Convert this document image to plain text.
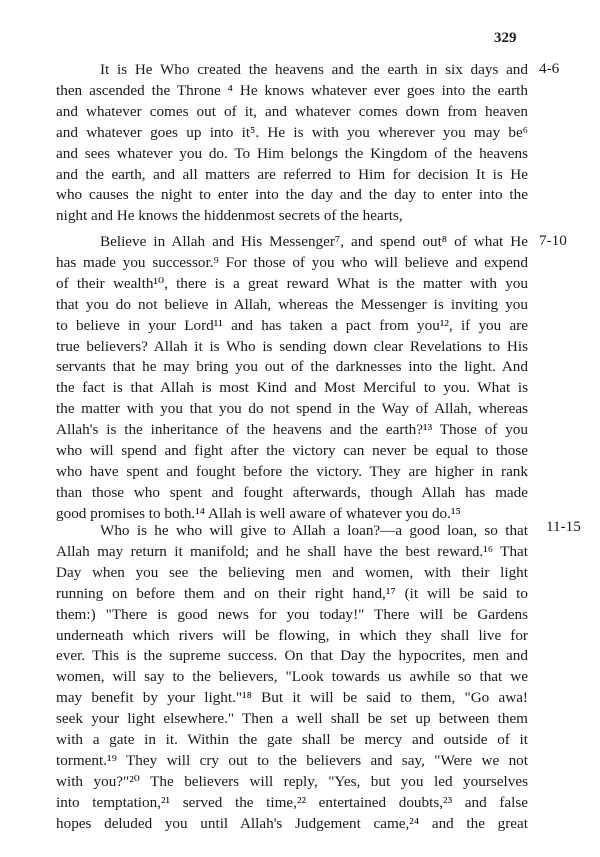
329
It is He Who created the heavens and the earth in six days and
then ascended the Throne ⁴ He knows whatever ever goes into the earth
and whatever comes out of it, and whatever comes down from heaven
and whatever goes up into it⁵. He is with you wherever you may be⁶
and sees whatever you do. To Him belongs the Kingdom of the heavens
and the earth, and all matters are referred to Him for decision It is He
who causes the night to enter into the day and the day to enter into the
night and He knows the hiddenmost secrets of the hearts,
4-6
Believe in Allah and His Messenger⁷, and spend out⁸ of what He
has made you successor.⁹ For those of you who will believe and expend
of their wealth¹⁰, there is a great reward What is the matter with you
that you do not believe in Allah, whereas the Messenger is inviting you
to believe in your Lord¹¹ and has taken a pact from you¹², if you are
true believers? Allah it is Who is sending down clear Revelations to His
servants that he may bring you out of the darknesses into the light. And
the fact is that Allah is most Kind and Most Merciful to you. What is
the matter with you that you do not spend in the Way of Allah, whereas
Allah's is the inheritance of the heavens and the earth?¹³ Those of you
who will spend and fight after the victory can never be equal to those
who have spent and fought before the victory. They are higher in rank
than those who spent and fought afterwards, though Allah has made
good promises to both.¹⁴ Allah is well aware of whatever you do.¹⁵
7-10
Who is he who will give to Allah a loan?—a good loan, so that
Allah may return it manifold; and he shall have the best reward.¹⁶ That
Day when you see the believing men and women, with their light
running on before them and on their right hand,¹⁷ (it will be said to
them:) "There is good news for you today!" There will be Gardens
underneath which rivers will be flowing, in which they shall live for
ever. This is the supreme success. On that Day the hypocrites, men and
women, will say to the believers, "Look towards us awhile so that we
may benefit by your light."¹⁸ But it will be said to them, "Go awa!
seek your light elsewhere." Then a well shall be set up between them
with a gate in it. Within the gate shall be mercy and outside of it
torment.¹⁹ They will cry out to the believers and say, "Were we not
with you?"²⁰ The believers will reply, "Yes, but you led yourselves
into temptation,²¹ served the time,²² entertained doubts,²³ and false
hopes deluded you until Allah's Judgement came,²⁴ and the great
11-15
